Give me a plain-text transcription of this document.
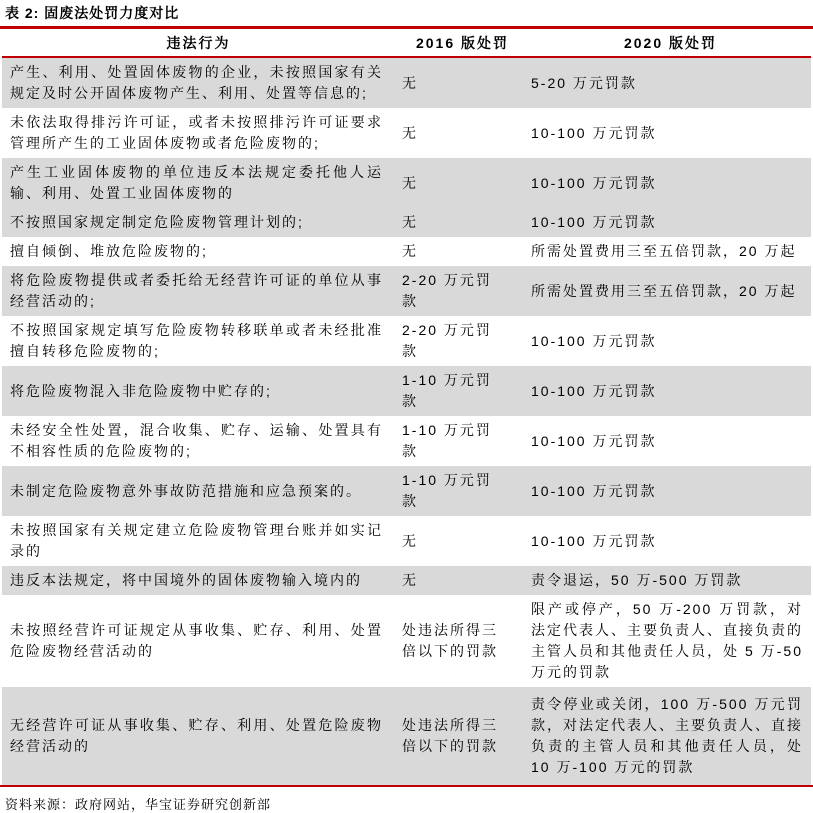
表 2: 固废法处罚力度对比
违法行为	2016 版处罚	2020 版处罚
产生、利用、处置固体废物的企业，未按照国家有关规定及时公开固体废物产生、利用、处置等信息的;	无	5-20 万元罚款
未依法取得排污许可证，或者未按照排污许可证要求管理所产生的工业固体废物或者危险废物的;	无	10-100 万元罚款
产生工业固体废物的单位违反本法规定委托他人运输、利用、处置工业固体废物的	无	10-100 万元罚款
不按照国家规定制定危险废物管理计划的;	无	10-100 万元罚款
擅自倾倒、堆放危险废物的;	无	所需处置费用三至五倍罚款，20 万起
将危险废物提供或者委托给无经营许可证的单位从事经营活动的;	2-20 万元罚款	所需处置费用三至五倍罚款，20 万起
不按照国家规定填写危险废物转移联单或者未经批准擅自转移危险废物的;	2-20 万元罚款	10-100 万元罚款
将危险废物混入非危险废物中贮存的;	1-10 万元罚款	10-100 万元罚款
未经安全性处置，混合收集、贮存、运输、处置具有不相容性质的危险废物的;	1-10 万元罚款	10-100 万元罚款
未制定危险废物意外事故防范措施和应急预案的。	1-10 万元罚款	10-100 万元罚款
未按照国家有关规定建立危险废物管理台账并如实记录的	无	10-100 万元罚款
违反本法规定，将中国境外的固体废物输入境内的	无	责令退运，50 万-500 万罚款
未按照经营许可证规定从事收集、贮存、利用、处置危险废物经营活动的	处违法所得三倍以下的罚款	限产或停产，50 万-200 万罚款，对法定代表人、主要负责人、直接负责的主管人员和其他责任人员，处 5 万-50 万元的罚款
无经营许可证从事收集、贮存、利用、处置危险废物经营活动的	处违法所得三倍以下的罚款	责令停业或关闭，100 万-500 万元罚款，对法定代表人、主要负责人、直接负责的主管人员和其他责任人员，处 10 万-100 万元的罚款
资料来源：政府网站，华宝证券研究创新部
